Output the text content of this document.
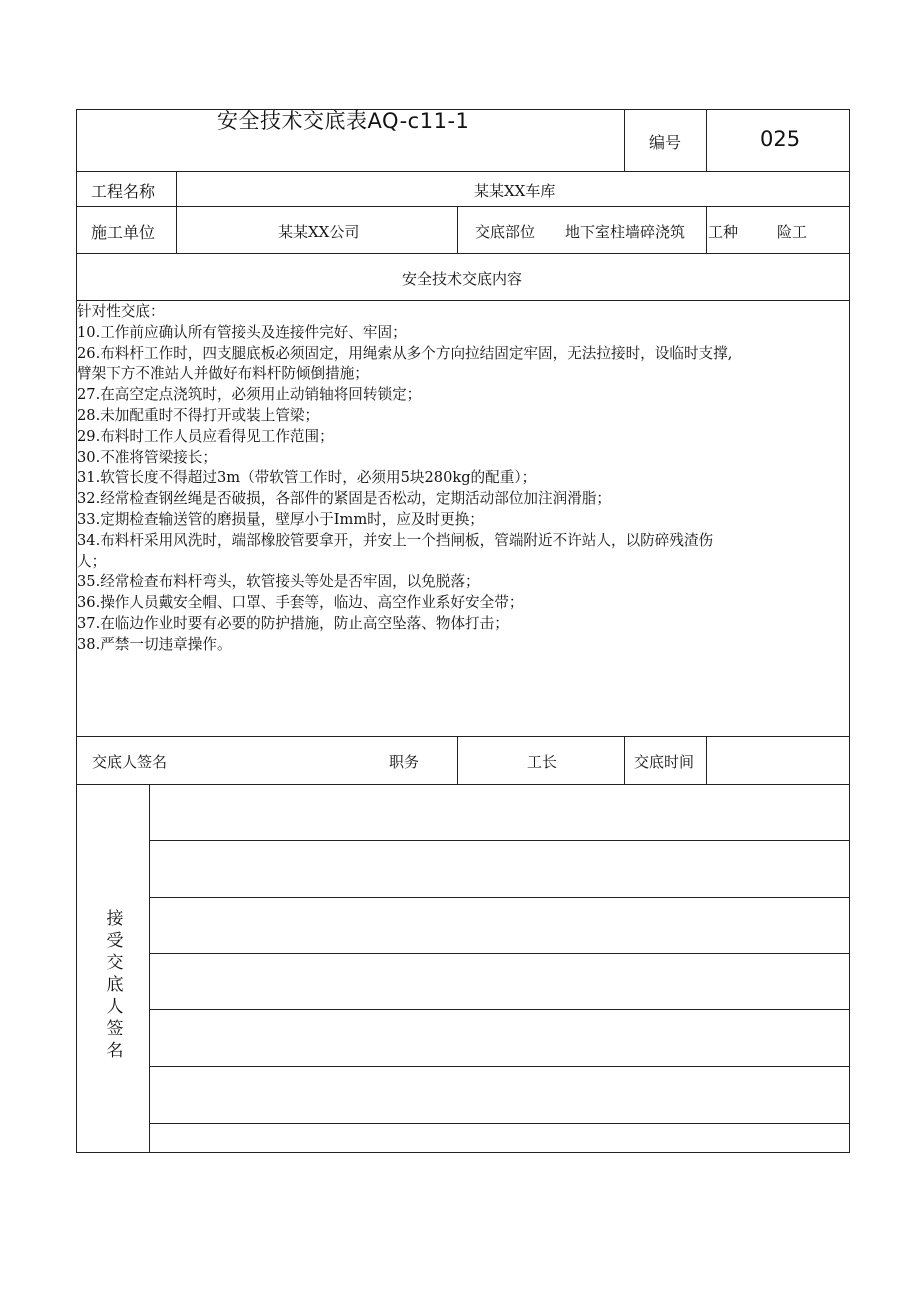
安全技术交底表AQ-c11-1
编号	025
工程名称	某某XX车库
施工单位	某某XX公司	交底部位 地下室柱墙碎浇筑 工种	险工
安全技术交底内容
针对性交底：
10.工作前应确认所有管接头及连接件完好、牢固；
26.布料杆工作时，四支腿底板必须固定，用绳索从多个方向拉结固定牢固，无法拉接时，设临时支撑,
臂架下方不准站人并做好布料杆防倾倒措施；
27.在高空定点浇筑时，必须用止动销轴将回转锁定；
28.未加配重时不得打开或装上管梁；
29.布料时工作人员应看得见工作范围；
30.不准将管梁接长；
31.软管长度不得超过3m（带软管工作时，必须用5块280kg的配重）；
32.经常检查钢丝绳是否破损，各部件的紧固是否松动，定期活动部位加注润滑脂；
33.定期检查输送管的磨损量，壁厚小于Imm时，应及时更换；
34.布料杆采用风洗时，端部橡胶管要拿开，并安上一个挡闸板，管端附近不许站人，以防碎残渣伤
人；
35.经常检查布料杆弯头，软管接头等处是否牢固，以免脱落；
36.操作人员戴安全帽、口罩、手套等，临边、高空作业系好安全带；
37.在临边作业时要有必要的防护措施，防止高空坠落、物体打击；
38.严禁一切违章操作。
交底人签名	职务	工长	交底时间
接受交底人签名
